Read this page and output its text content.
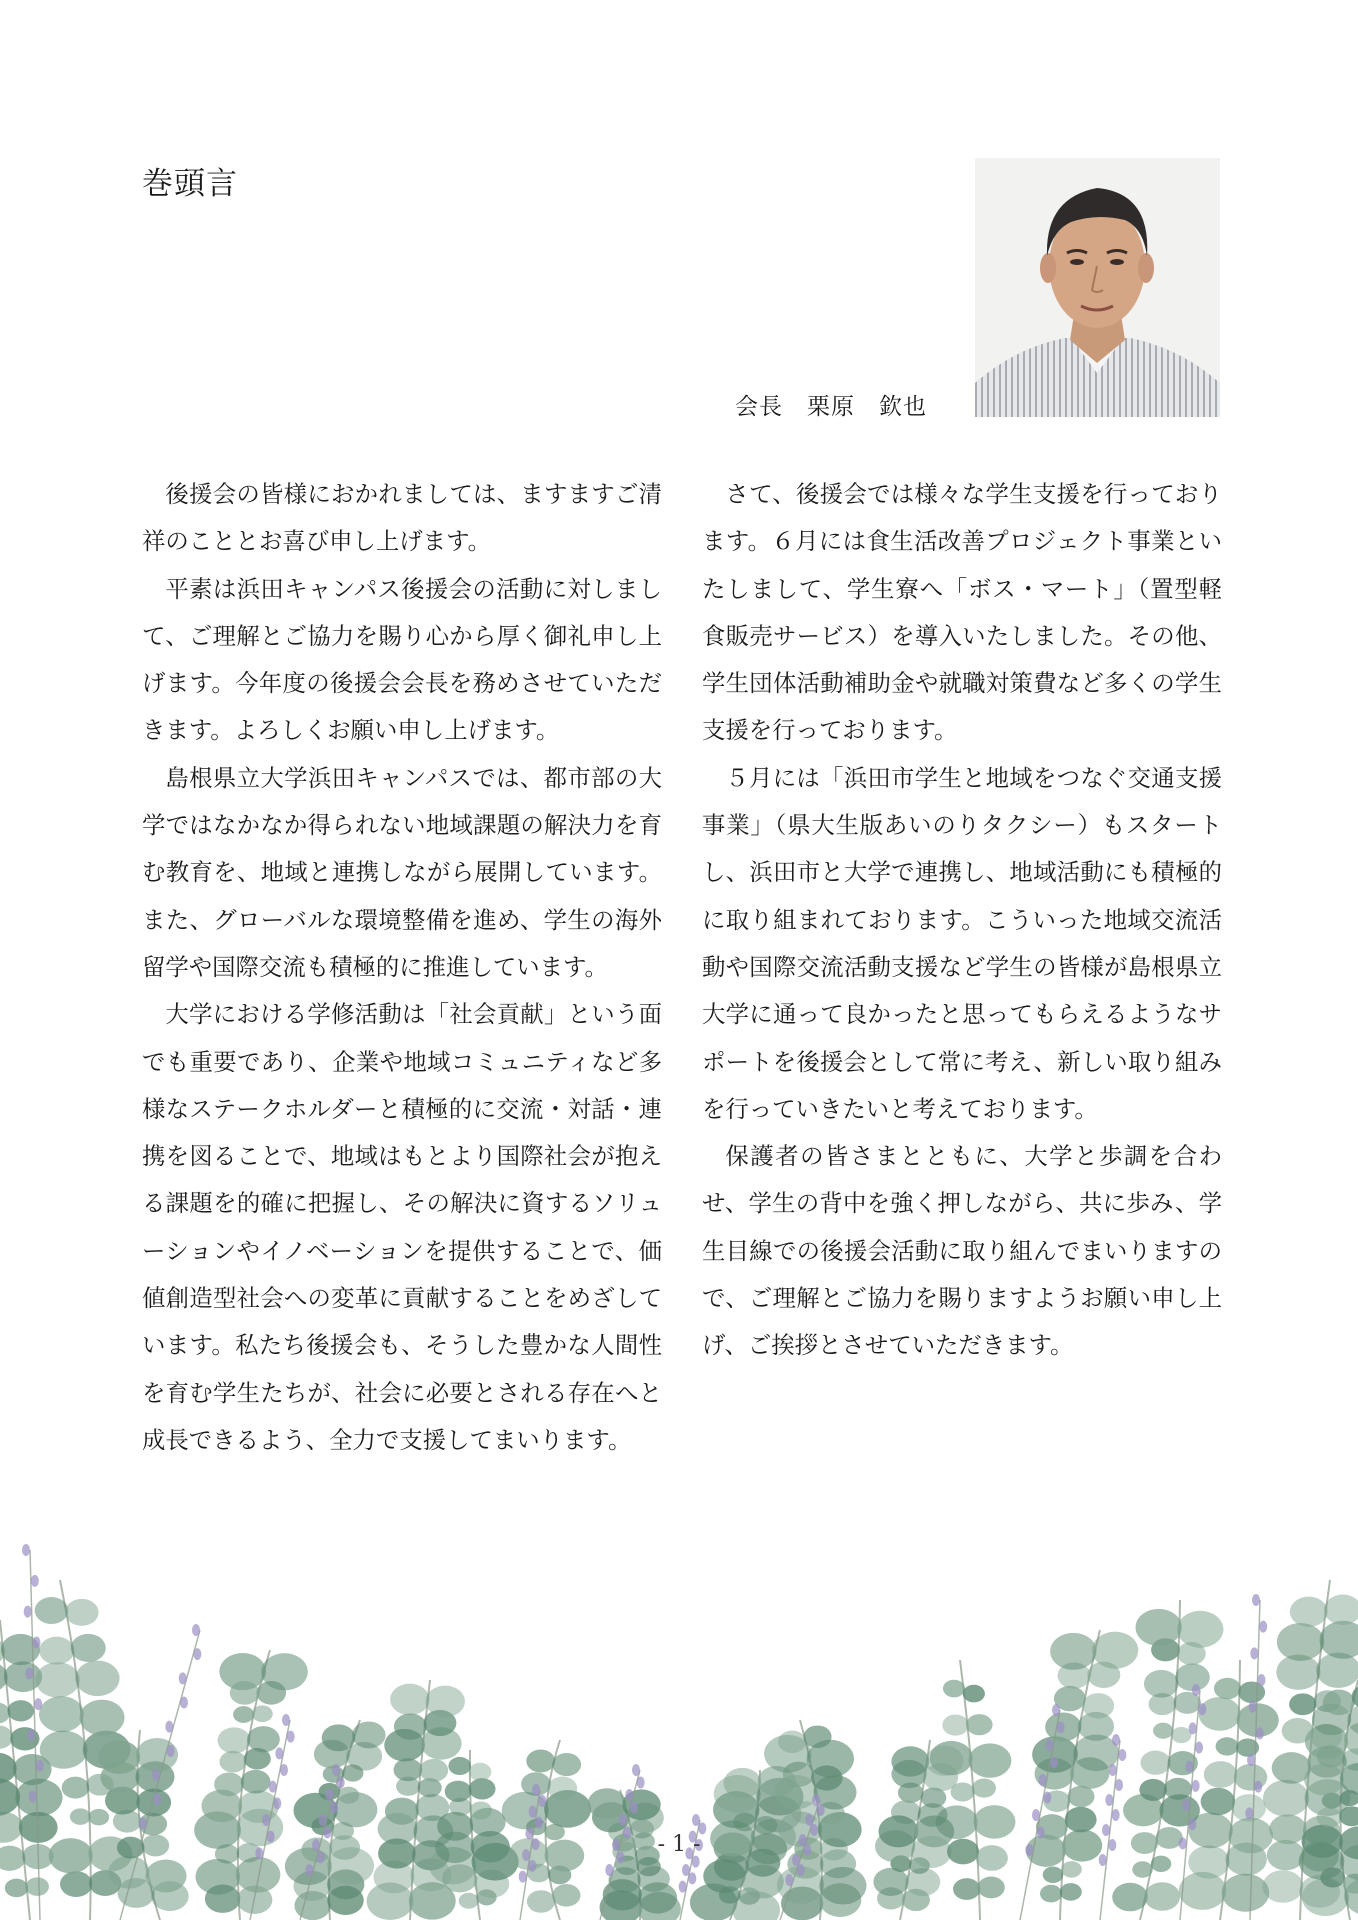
巻頭言
会長　栗原　欽也

後援会の皆様におかれましては、ますますご清祥のこととお喜び申し上げます。

平素は浜田キャンパス後援会の活動に対しまして、ご理解とご協力を賜り心から厚く御礼申し上げます。今年度の後援会会長を務めさせていただきます。よろしくお願い申し上げます。

島根県立大学浜田キャンパスでは、都市部の大学ではなかなか得られない地域課題の解決力を育む教育を、地域と連携しながら展開しています。また、グローバルな環境整備を進め、学生の海外留学や国際交流も積極的に推進しています。

大学における学修活動は「社会貢献」という面でも重要であり、企業や地域コミュニティなど多様なステークホルダーと積極的に交流・対話・連携を図ることで、地域はもとより国際社会が抱える課題を的確に把握し、その解決に資するソリューションやイノベーションを提供することで、価値創造型社会への変革に貢献することをめざしています。私たち後援会も、そうした豊かな人間性を育む学生たちが、社会に必要とされる存在へと成長できるよう、全力で支援してまいります。

さて、後援会では様々な学生支援を行っております。６月には食生活改善プロジェクト事業といたしまして、学生寮へ「ボス・マート」（置型軽食販売サービス）を導入いたしました。その他、学生団体活動補助金や就職対策費など多くの学生支援を行っております。

５月には「浜田市学生と地域をつなぐ交通支援事業」（県大生版あいのりタクシー）もスタートし、浜田市と大学で連携し、地域活動にも積極的に取り組まれております。こういった地域交流活動や国際交流活動支援など学生の皆様が島根県立大学に通って良かったと思ってもらえるようなサポートを後援会として常に考え、新しい取り組みを行っていきたいと考えております。

保護者の皆さまとともに、大学と歩調を合わせ、学生の背中を強く押しながら、共に歩み、学生目線での後援会活動に取り組んでまいりますので、ご理解とご協力を賜りますようお願い申し上げ、ご挨拶とさせていただきます。

- 1 -
